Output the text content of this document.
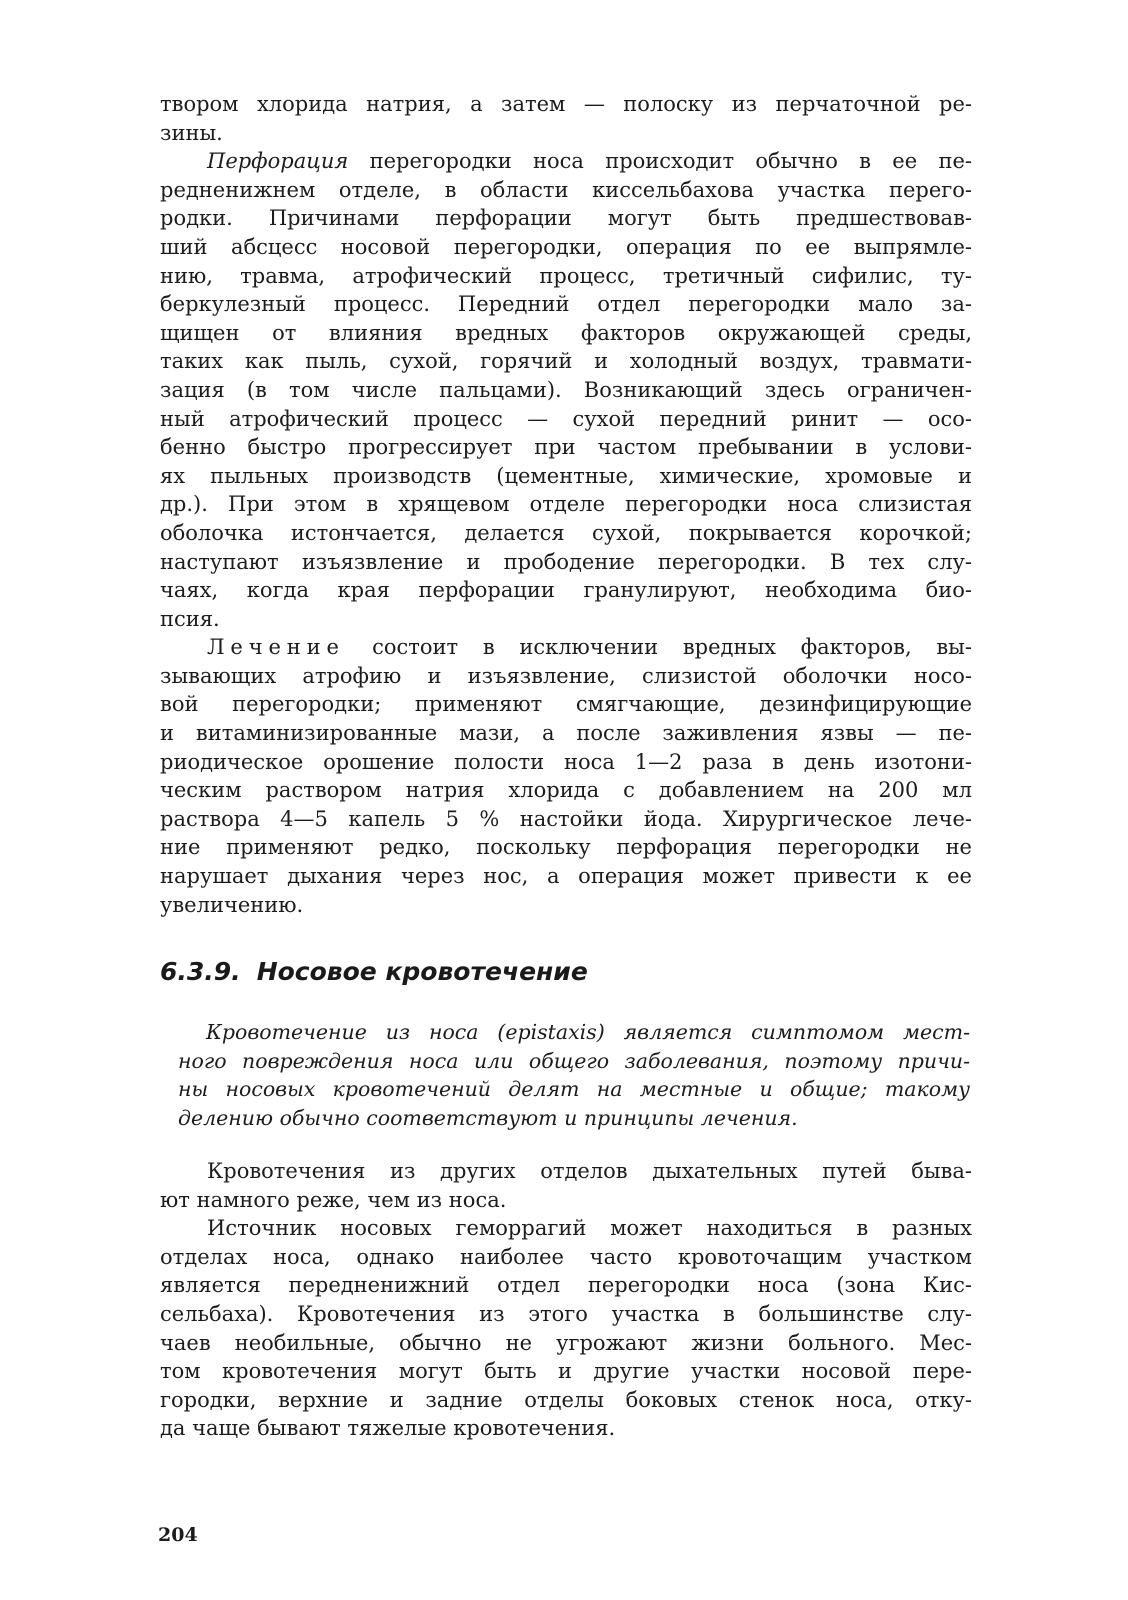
твором хлорида натрия, а затем — полоску из перчаточной ре-
зины.
Перфорация перегородки носа происходит обычно в ее пе-
редненижнем отделе, в области киссельбахова участка перего-
родки. Причинами перфорации могут быть предшествовав-
ший абсцесс носовой перегородки, операция по ее выпрямле-
нию, травма, атрофический процесс, третичный сифилис, ту-
беркулезный процесс. Передний отдел перегородки мало за-
щищен от влияния вредных факторов окружающей среды,
таких как пыль, сухой, горячий и холодный воздух, травмати-
зация (в том числе пальцами). Возникающий здесь ограничен-
ный атрофический процесс — сухой передний ринит — осо-
бенно быстро прогрессирует при частом пребывании в услови-
ях пыльных производств (цементные, химические, хромовые и
др.). При этом в хрящевом отделе перегородки носа слизистая
оболочка истончается, делается сухой, покрывается корочкой;
наступают изъязвление и прободение перегородки. В тех слу-
чаях, когда края перфорации гранулируют, необходима био-
псия.
Лечение состоит в исключении вредных факторов, вы-
зывающих атрофию и изъязвление, слизистой оболочки носо-
вой перегородки; применяют смягчающие, дезинфицирующие
и витаминизированные мази, а после заживления язвы — пе-
риодическое орошение полости носа 1—2 раза в день изотони-
ческим раствором натрия хлорида с добавлением на 200 мл
раствора 4—5 капель 5 % настойки йода. Хирургическое лече-
ние применяют редко, поскольку перфорация перегородки не
нарушает дыхания через нос, а операция может привести к ее
увеличению.
6.3.9. Носовое кровотечение
Кровотечение из носа (epistaxis) является симптомом мест-
ного повреждения носа или общего заболевания, поэтому причи-
ны носовых кровотечений делят на местные и общие; такому
делению обычно соответствуют и принципы лечения.
Кровотечения из других отделов дыхательных путей быва-
ют намного реже, чем из носа.
Источник носовых геморрагий может находиться в разных
отделах носа, однако наиболее часто кровоточащим участком
является передненижний отдел перегородки носа (зона Кис-
сельбаха). Кровотечения из этого участка в большинстве слу-
чаев необильные, обычно не угрожают жизни больного. Мес-
том кровотечения могут быть и другие участки носовой пере-
городки, верхние и задние отделы боковых стенок носа, отку-
да чаще бывают тяжелые кровотечения.
204
